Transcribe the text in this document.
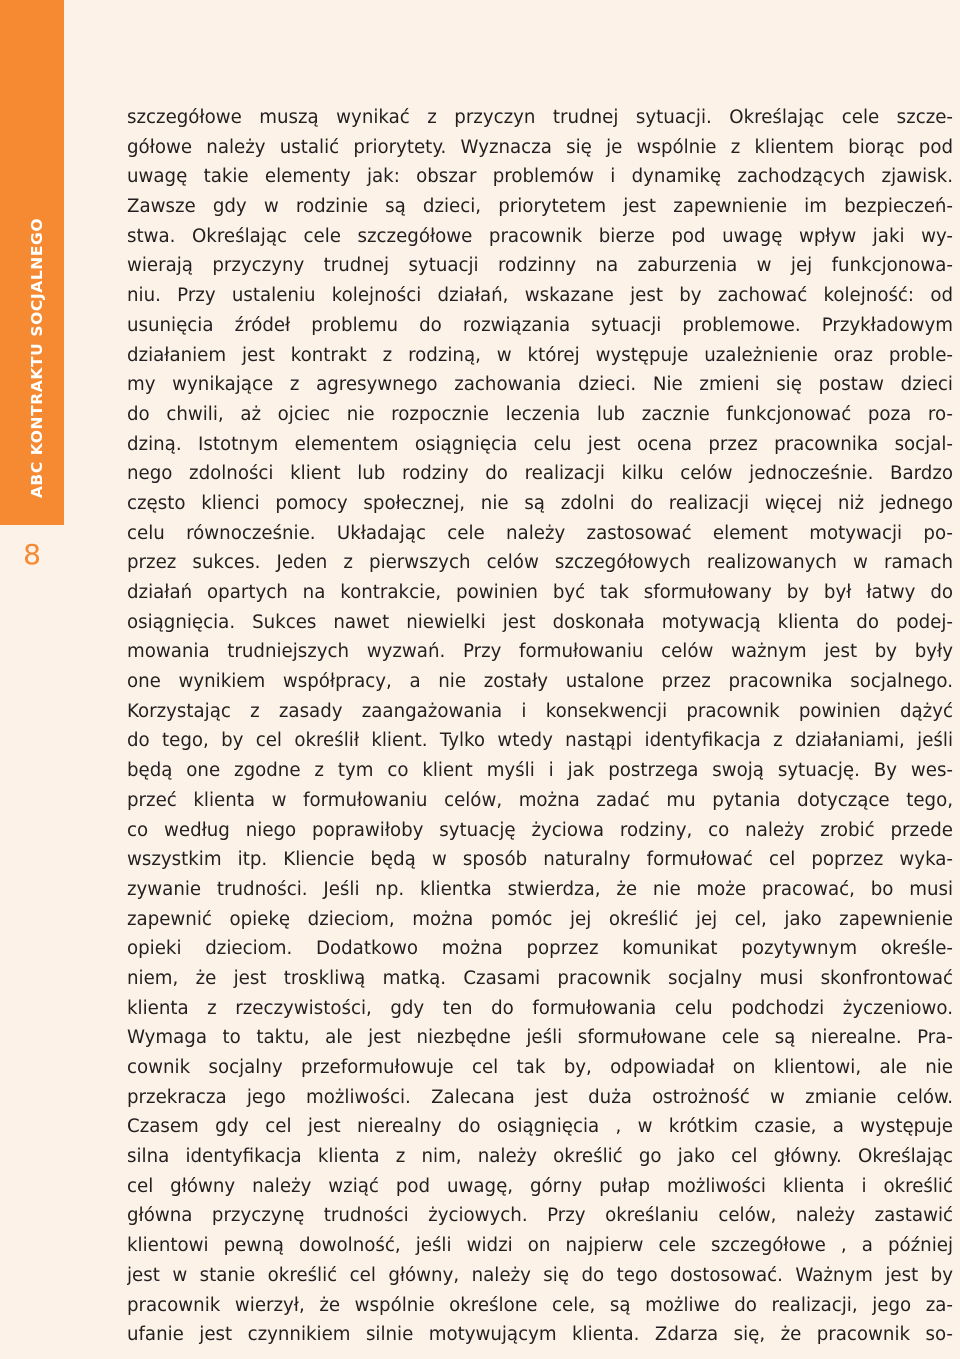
ABC KONTRAKTU SOCJALNEGO
8
szczegółowe muszą wynikać z przyczyn trudnej sytuacji. Określając cele szcze-
gółowe należy ustalić priorytety. Wyznacza się je wspólnie z klientem biorąc pod
uwagę takie elementy jak: obszar problemów i dynamikę zachodzących zjawisk.
Zawsze gdy w rodzinie są dzieci, priorytetem jest zapewnienie im bezpieczeń-
stwa. Określając cele szczegółowe pracownik bierze pod uwagę wpływ jaki wy-
wierają przyczyny trudnej sytuacji rodzinny na zaburzenia w jej funkcjonowa-
niu. Przy ustaleniu kolejności działań, wskazane jest by zachować kolejność: od
usunięcia źródeł problemu do rozwiązania sytuacji problemowe. Przykładowym
działaniem jest kontrakt z rodziną, w której występuje uzależnienie oraz proble-
my wynikające z agresywnego zachowania dzieci. Nie zmieni się postaw dzieci
do chwili, aż ojciec nie rozpocznie leczenia lub zacznie funkcjonować poza ro-
dziną. Istotnym elementem osiągnięcia celu jest ocena przez pracownika socjal-
nego zdolności klient lub rodziny do realizacji kilku celów jednocześnie. Bardzo
często klienci pomocy społecznej, nie są zdolni do realizacji więcej niż jednego
celu równocześnie. Układając cele należy zastosować element motywacji po-
przez sukces. Jeden z pierwszych celów szczegółowych realizowanych w ramach
działań opartych na kontrakcie, powinien być tak sformułowany by był łatwy do
osiągnięcia. Sukces nawet niewielki jest doskonała motywacją klienta do podej-
mowania trudniejszych wyzwań. Przy formułowaniu celów ważnym jest by były
one wynikiem współpracy, a nie zostały ustalone przez pracownika socjalnego.
Korzystając z zasady zaangażowania i konsekwencji pracownik powinien dążyć
do tego, by cel określił klient. Tylko wtedy nastąpi identyfikacja z działaniami, jeśli
będą one zgodne z tym co klient myśli i jak postrzega swoją sytuację. By wes-
przeć klienta w formułowaniu celów, można zadać mu pytania dotyczące tego,
co według niego poprawiłoby sytuację życiowa rodziny, co należy zrobić przede
wszystkim itp. Kliencie będą w sposób naturalny formułować cel poprzez wyka-
zywanie trudności. Jeśli np. klientka stwierdza, że nie może pracować, bo musi
zapewnić opiekę dzieciom, można pomóc jej określić jej cel, jako zapewnienie
opieki dzieciom. Dodatkowo można poprzez komunikat pozytywnym określe-
niem, że jest troskliwą matką. Czasami pracownik socjalny musi skonfrontować
klienta z rzeczywistości, gdy ten do formułowania celu podchodzi życzeniowo.
Wymaga to taktu, ale jest niezbędne jeśli sformułowane cele są nierealne. Pra-
cownik socjalny przeformułowuje cel tak by, odpowiadał on klientowi, ale nie
przekracza jego możliwości. Zalecana jest duża ostrożność w zmianie celów.
Czasem gdy cel jest nierealny do osiągnięcia , w krótkim czasie, a występuje
silna identyfikacja klienta z nim, należy określić go jako cel główny. Określając
cel główny należy wziąć pod uwagę, górny pułap możliwości klienta i określić
główna przyczynę trudności życiowych. Przy określaniu celów, należy zastawić
klientowi pewną dowolność, jeśli widzi on najpierw cele szczegółowe , a później
jest w stanie określić cel główny, należy się do tego dostosować. Ważnym jest by
pracownik wierzył, że wspólnie określone cele, są możliwe do realizacji, jego za-
ufanie jest czynnikiem silnie motywującym klienta. Zdarza się, że pracownik so-
